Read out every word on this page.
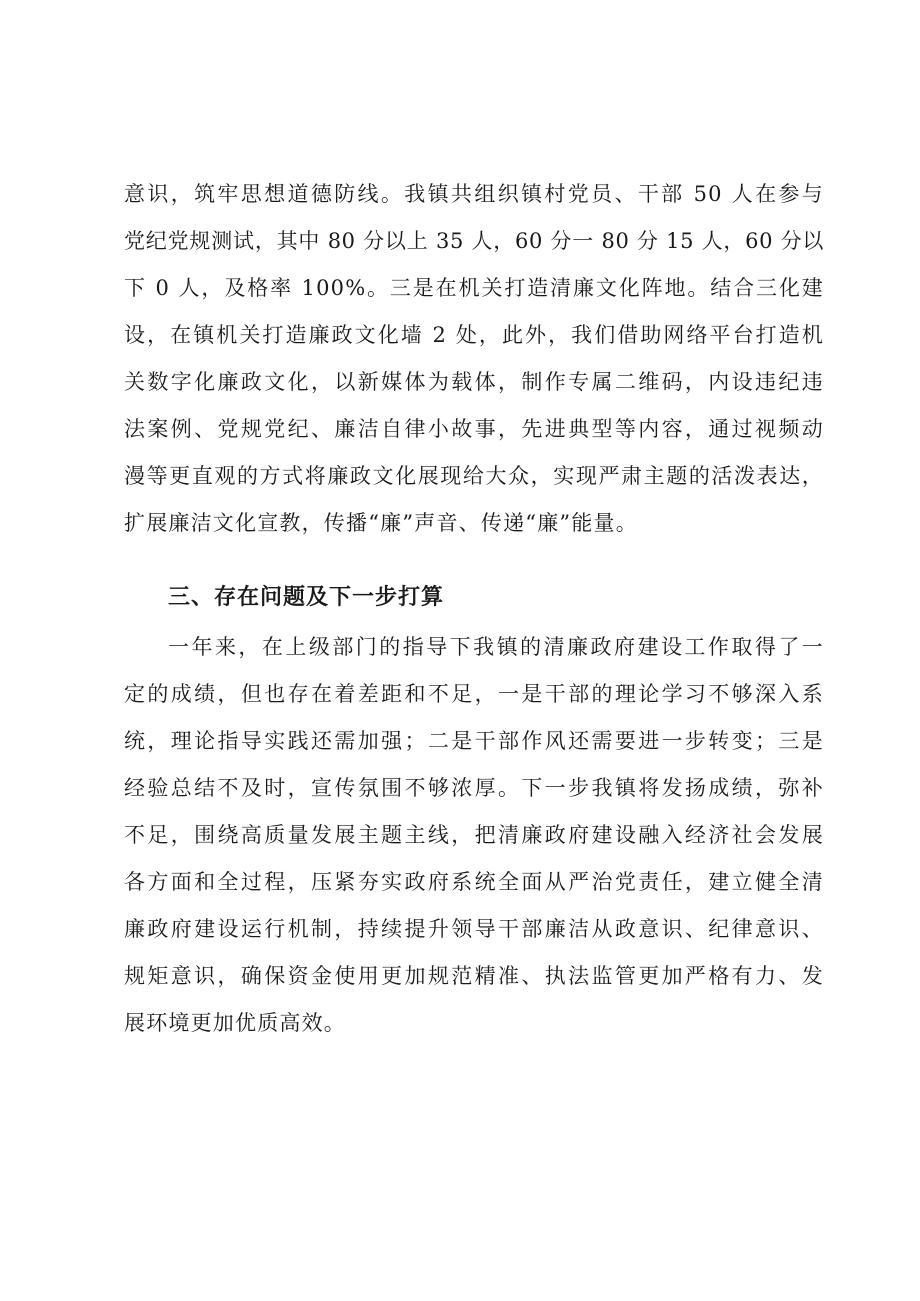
意识，筑牢思想道德防线。我镇共组织镇村党员、干部 50 人在参与

党纪党规测试，其中 80 分以上 35 人，60 分一 80 分 15 人，60 分以

下 0 人，及格率 100%。三是在机关打造清廉文化阵地。结合三化建

设，在镇机关打造廉政文化墙 2 处，此外，我们借助网络平台打造机

关数字化廉政文化，以新媒体为载体，制作专属二维码，内设违纪违

法案例、党规党纪、廉洁自律小故事，先进典型等内容，通过视频动

漫等更直观的方式将廉政文化展现给大众，实现严肃主题的活泼表达，

扩展廉洁文化宣教，传播“廉”声音、传递“廉”能量。

三、存在问题及下一步打算

一年来，在上级部门的指导下我镇的清廉政府建设工作取得了一

定的成绩，但也存在着差距和不足，一是干部的理论学习不够深入系

统，理论指导实践还需加强；二是干部作风还需要进一步转变；三是

经验总结不及时，宣传氛围不够浓厚。下一步我镇将发扬成绩，弥补

不足，围绕高质量发展主题主线，把清廉政府建设融入经济社会发展

各方面和全过程，压紧夯实政府系统全面从严治党责任，建立健全清

廉政府建设运行机制，持续提升领导干部廉洁从政意识、纪律意识、

规矩意识，确保资金使用更加规范精准、执法监管更加严格有力、发

展环境更加优质高效。
